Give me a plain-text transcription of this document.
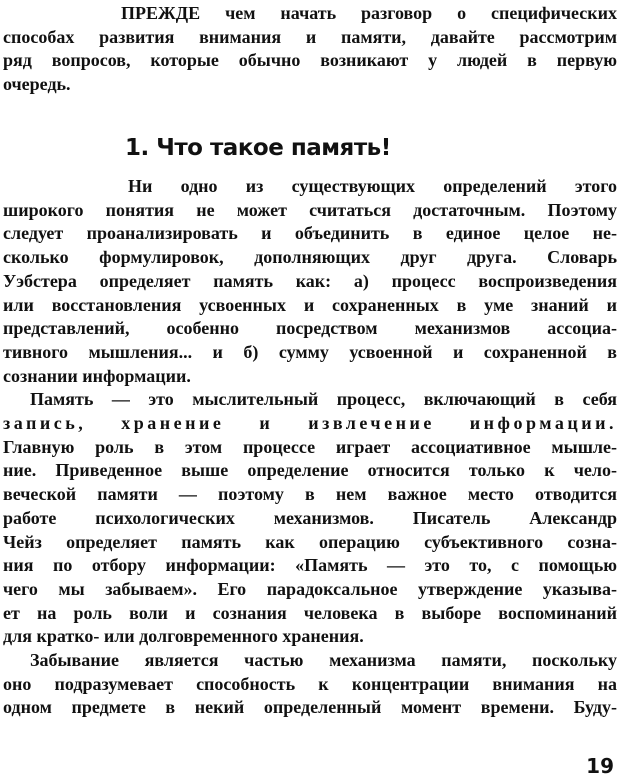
ПРЕЖДЕ чем начать разговор о специфических
способах развития внимания и памяти, давайте рассмотрим
ряд вопросов, которые обычно возникают у людей в первую
очередь.
Ни одно из существующих определений этого
широкого понятия не может считаться достаточным. Поэтому
следует проанализировать и объединить в единое целое не-
сколько формулировок, дополняющих друг друга. Словарь
Уэбстера определяет память как: а) процесс воспроизведения
или восстановления усвоенных и сохраненных в уме знаний и
представлений, особенно посредством механизмов ассоциа-
тивного мышления... и б) сумму усвоенной и сохраненной в
сознании информации.
Память — это мыслительный процесс, включающий в себя
запись, хранение и извлечение информации.
Главную роль в этом процессе играет ассоциативное мышле-
ние. Приведенное выше определение относится только к чело-
веческой памяти — поэтому в нем важное место отводится
работе психологических механизмов. Писатель Александр
Чейз определяет память как операцию субъективного созна-
ния по отбору информации: «Память — это то, с помощью
чего мы забываем». Его парадоксальное утверждение указыва-
ет на роль воли и сознания человека в выборе воспоминаний
для кратко- или долговременного хранения.
Забывание является частью механизма памяти, поскольку
оно подразумевает способность к концентрации внимания на
одном предмете в некий определенный момент времени. Буду-
1. Что такое память!
19
